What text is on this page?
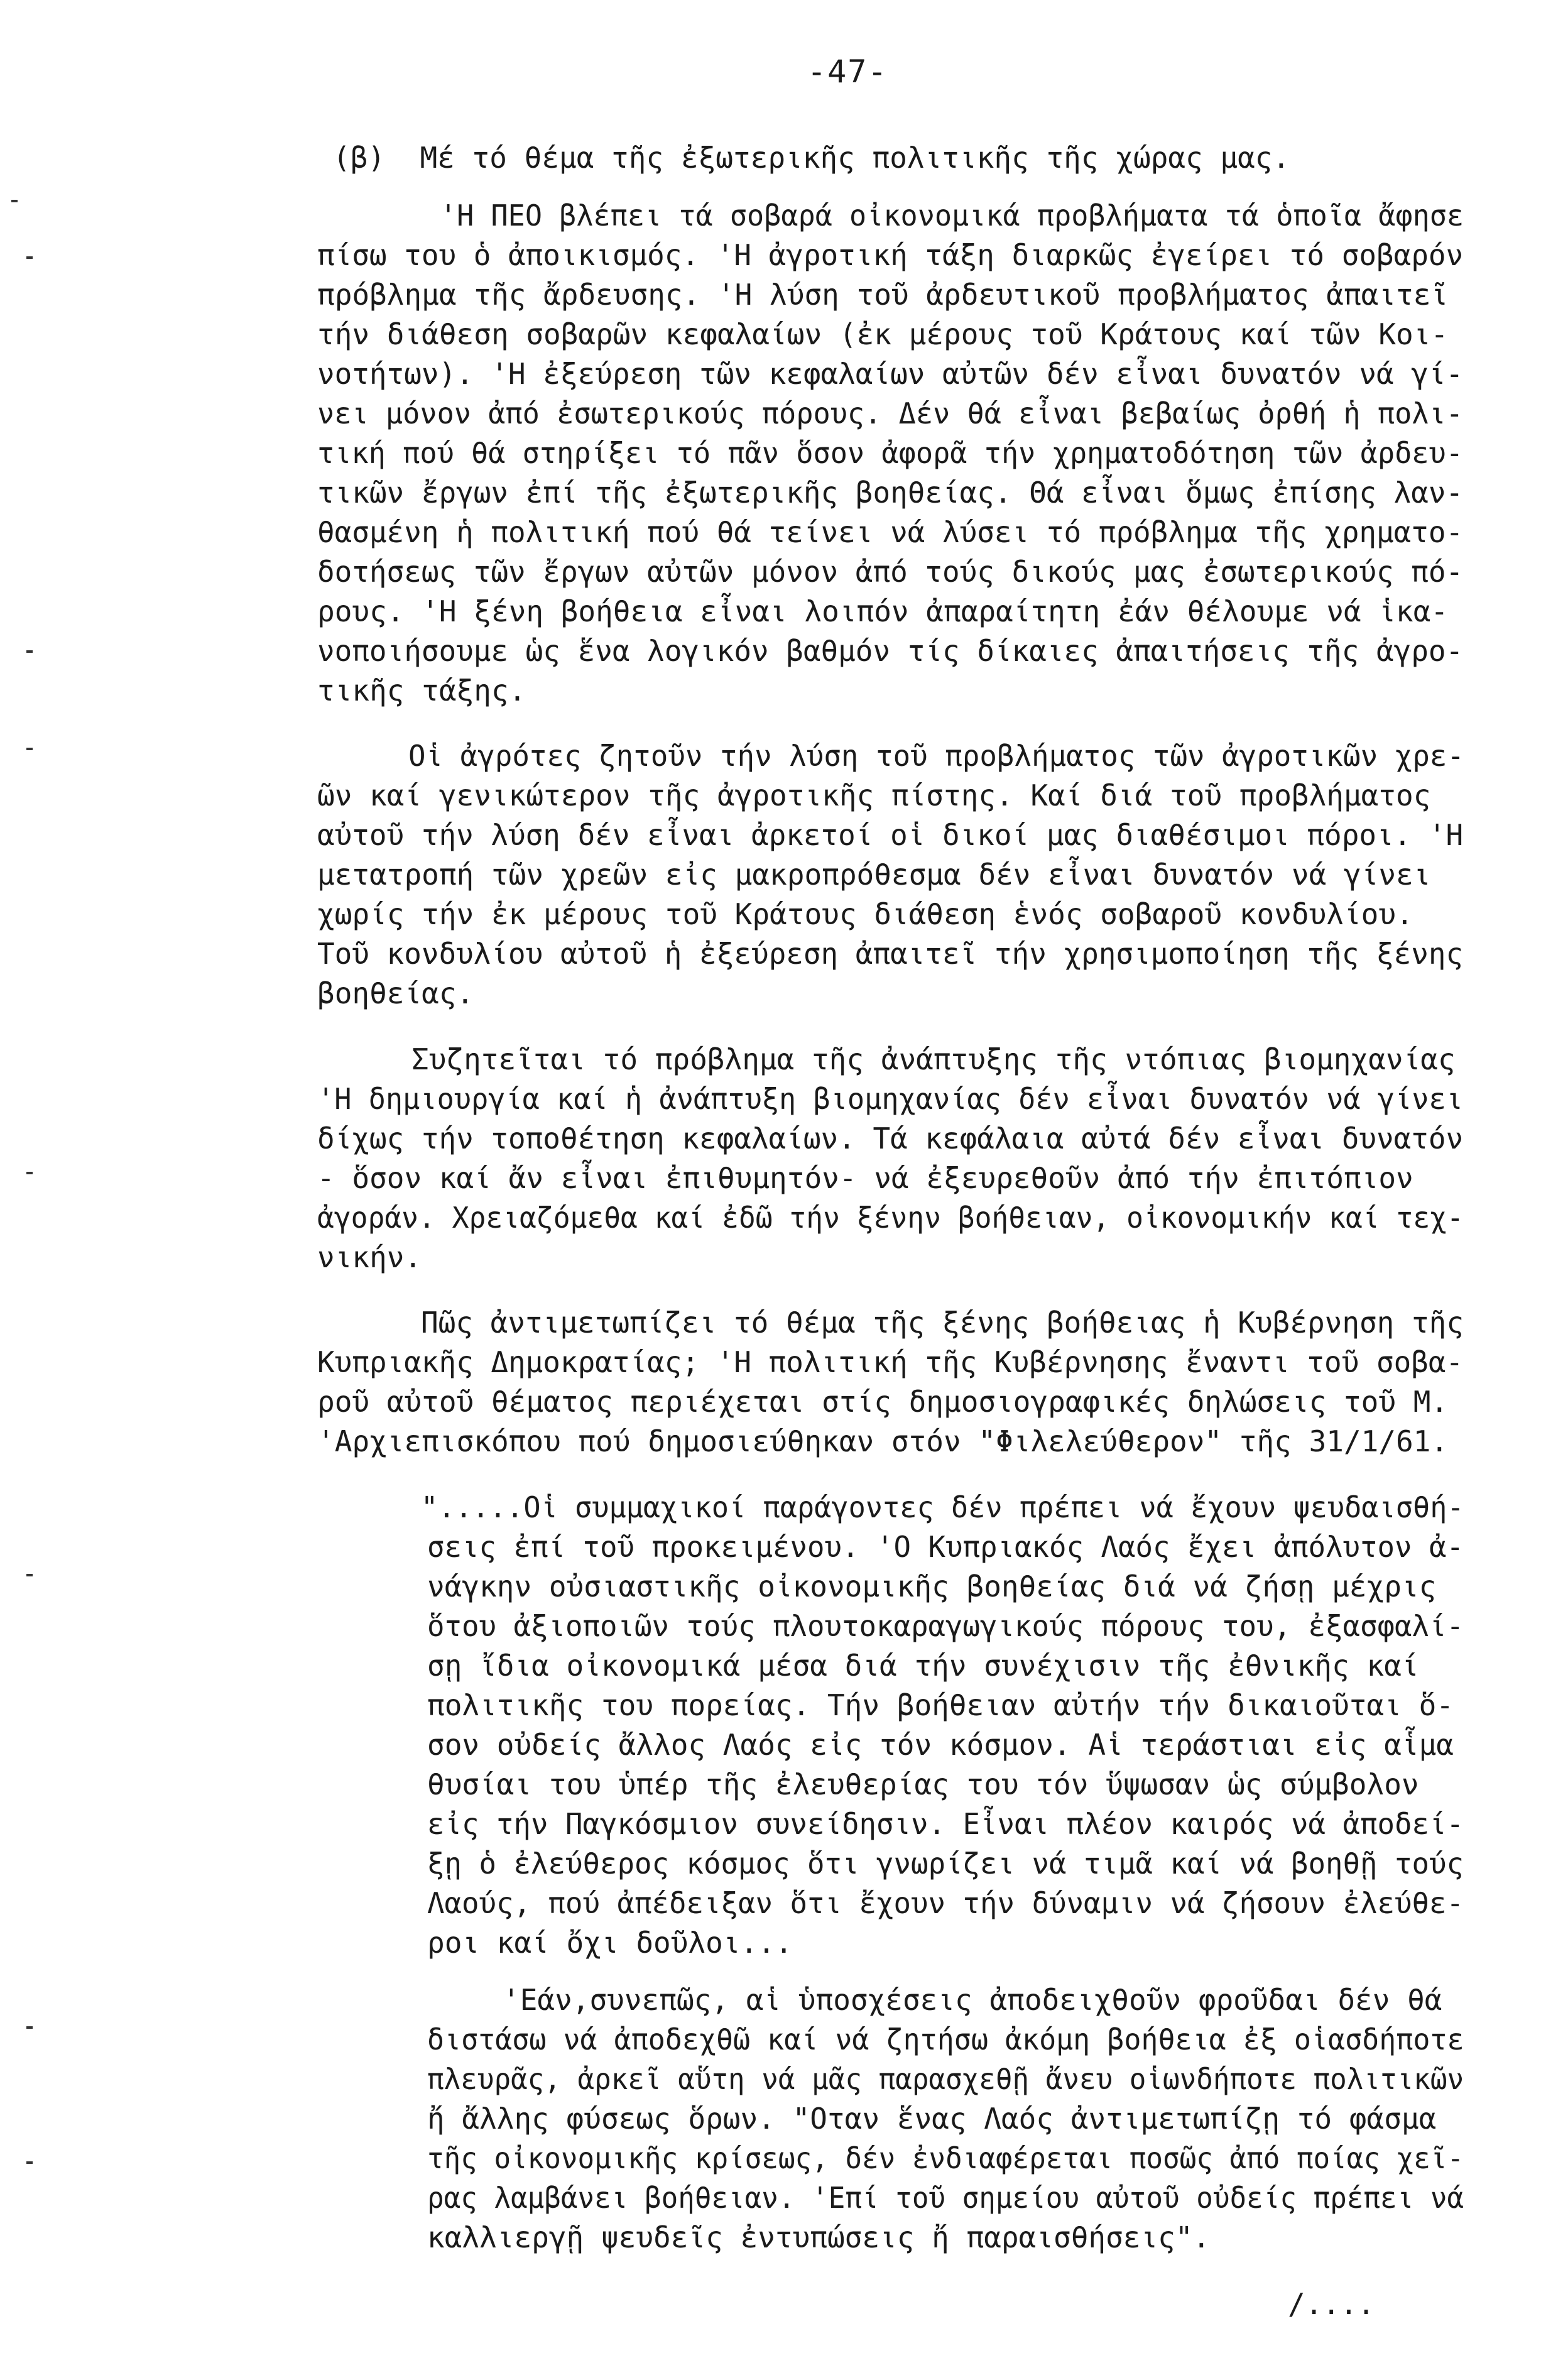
-47-
(β)  Μέ τό θέμα τῆς ἐξωτερικῆς πολιτικῆς τῆς χώρας μας.
'Η ΠΕΟ βλέπει τά σοβαρά οἰκονομικά προβλήματα τά ὁποῖα ἄφησε
πίσω του ὁ ἀποικισμός. 'Η ἀγροτική τάξη διαρκῶς ἐγείρει τό σοβαρόν
πρόβλημα τῆς ἄρδευσης. 'Η λύση τοῦ ἀρδευτικοῦ προβλήματος ἀπαιτεῖ
τήν διάθεση σοβαρῶν κεφαλαίων (ἐκ μέρους τοῦ Κράτους καί τῶν Κοι-
νοτήτων). 'Η ἐξεύρεση τῶν κεφαλαίων αὐτῶν δέν εἶναι δυνατόν νά γί-
νει μόνον ἀπό ἐσωτερικούς πόρους. Δέν θά εἶναι βεβαίως ὀρθή ἡ πολι-
τική πού θά στηρίξει τό πᾶν ὅσον ἀφορᾶ τήν χρηματοδότηση τῶν ἀρδευ-
τικῶν ἔργων ἐπί τῆς ἐξωτερικῆς βοηθείας. Θά εἶναι ὅμως ἐπίσης λαν-
θασμένη ἡ πολιτική πού θά τείνει νά λύσει τό πρόβλημα τῆς χρηματο-
δοτήσεως τῶν ἔργων αὐτῶν μόνον ἀπό τούς δικούς μας ἐσωτερικούς πό-
ρους. 'Η ξένη βοήθεια εἶναι λοιπόν ἀπαραίτητη ἐάν θέλουμε νά ἱκα-
νοποιήσουμε ὡς ἕνα λογικόν βαθμόν τίς δίκαιες ἀπαιτήσεις τῆς ἀγρο-
τικῆς τάξης.
Οἱ ἀγρότες ζητοῦν τήν λύση τοῦ προβλήματος τῶν ἀγροτικῶν χρε-
ῶν καί γενικώτερον τῆς ἀγροτικῆς πίστης. Καί διά τοῦ προβλήματος
αὐτοῦ τήν λύση δέν εἶναι ἀρκετοί οἱ δικοί μας διαθέσιμοι πόροι. 'Η
μετατροπή τῶν χρεῶν εἰς μακροπρόθεσμα δέν εἶναι δυνατόν νά γίνει
χωρίς τήν ἐκ μέρους τοῦ Κράτους διάθεση ἑνός σοβαροῦ κονδυλίου.
Τοῦ κονδυλίου αὐτοῦ ἡ ἐξεύρεση ἀπαιτεῖ τήν χρησιμοποίηση τῆς ξένης
βοηθείας.
Συζητεῖται τό πρόβλημα τῆς ἀνάπτυξης τῆς ντόπιας βιομηχανίας
'Η δημιουργία καί ἡ ἀνάπτυξη βιομηχανίας δέν εἶναι δυνατόν νά γίνει
δίχως τήν τοποθέτηση κεφαλαίων. Τά κεφάλαια αὐτά δέν εἶναι δυνατόν
- ὅσον καί ἄν εἶναι ἐπιθυμητόν- νά ἐξευρεθοῦν ἀπό τήν ἐπιτόπιον
ἀγοράν. Χρειαζόμεθα καί ἐδῶ τήν ξένην βοήθειαν, οἰκονομικήν καί τεχ-
νικήν.
Πῶς ἀντιμετωπίζει τό θέμα τῆς ξένης βοήθειας ἡ Κυβέρνηση τῆς
Κυπριακῆς Δημοκρατίας; 'Η πολιτική τῆς Κυβέρνησης ἔναντι τοῦ σοβα-
ροῦ αὐτοῦ θέματος περιέχεται στίς δημοσιογραφικές δηλώσεις τοῦ Μ.
'Αρχιεπισκόπου πού δημοσιεύθηκαν στόν "Φιλελεύθερον" τῆς 31/1/61.
".....Οἱ συμμαχικοί παράγοντες δέν πρέπει νά ἔχουν ψευδαισθή-
σεις ἐπί τοῦ προκειμένου. 'Ο Κυπριακός Λαός ἔχει ἀπόλυτον ἀ-
νάγκην οὐσιαστικῆς οἰκονομικῆς βοηθείας διά νά ζήσῃ μέχρις
ὅτου ἀξιοποιῶν τούς πλουτοκαραγωγικούς πόρους του, ἐξασφαλί-
σῃ ἴδια οἰκονομικά μέσα διά τήν συνέχισιν τῆς ἐθνικῆς καί
πολιτικῆς του πορείας. Τήν βοήθειαν αὐτήν τήν δικαιοῦται ὅ-
σον οὐδείς ἄλλος Λαός εἰς τόν κόσμον. Αἱ τεράστιαι εἰς αἷμα
θυσίαι του ὑπέρ τῆς ἐλευθερίας του τόν ὕψωσαν ὡς σύμβολον
εἰς τήν Παγκόσμιον συνείδησιν. Εἶναι πλέον καιρός νά ἀποδεί-
ξῃ ὁ ἐλεύθερος κόσμος ὅτι γνωρίζει νά τιμᾶ καί νά βοηθῇ τούς
Λαούς, πού ἀπέδειξαν ὅτι ἔχουν τήν δύναμιν νά ζήσουν ἐλεύθε-
ροι καί ὄχι δοῦλοι...
'Εάν,συνεπῶς, αἱ ὑποσχέσεις ἀποδειχθοῦν φροῦδαι δέν θά
διστάσω νά ἀποδεχθῶ καί νά ζητήσω ἀκόμη βοήθεια ἐξ οἱασδήποτε
πλευρᾶς, ἀρκεῖ αὕτη νά μᾶς παρασχεθῇ ἄνευ οἱωνδήποτε πολιτικῶν
ἤ ἄλλης φύσεως ὅρων. "Οταν ἕνας Λαός ἀντιμετωπίζῃ τό φάσμα
τῆς οἰκονομικῆς κρίσεως, δέν ἐνδιαφέρεται ποσῶς ἀπό ποίας χεῖ-
ρας λαμβάνει βοήθειαν. 'Επί τοῦ σημείου αὐτοῦ οὐδείς πρέπει νά
καλλιεργῇ ψευδεῖς ἐντυπώσεις ἤ παραισθήσεις".
/....
